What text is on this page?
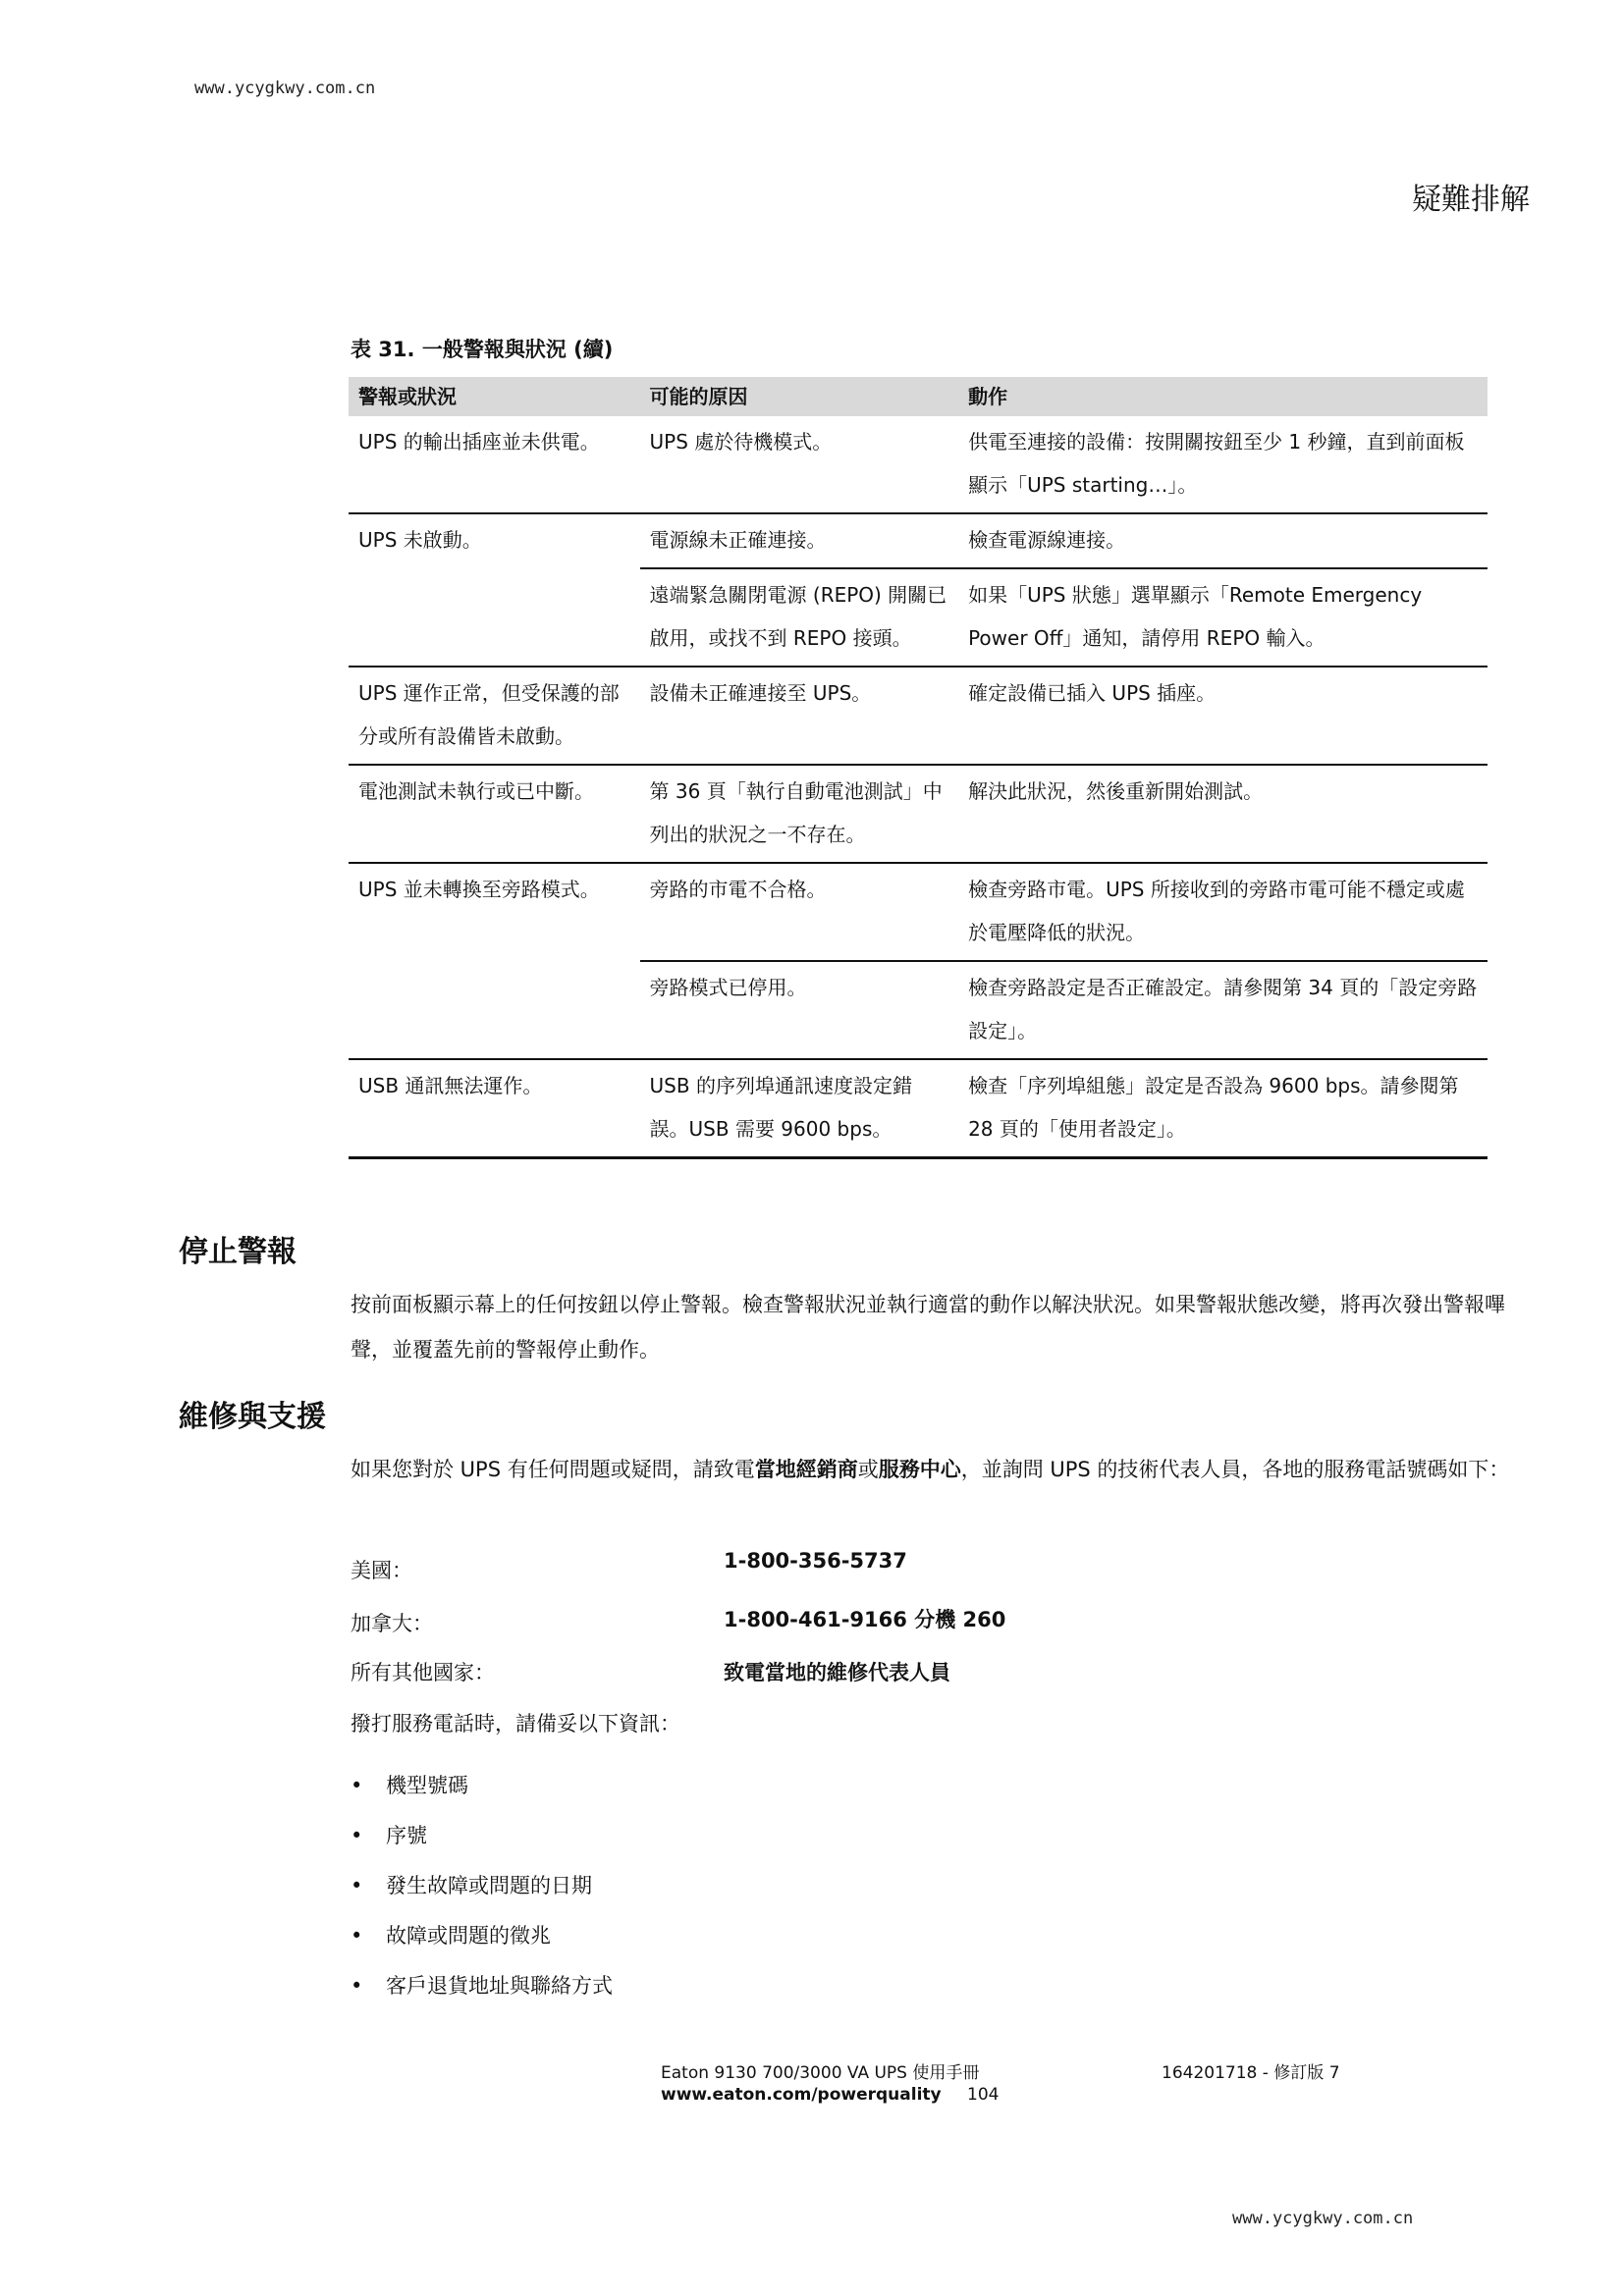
www.ycygkwy.com.cn
疑難排解
表 31. 一般警報與狀況 (續)
警報或狀況	可能的原因	動作
UPS 的輸出插座並未供電。	UPS 處於待機模式。	供電至連接的設備：按開關按鈕至少 1 秒鐘，直到前面板顯示「UPS starting…」。
UPS 未啟動。	電源線未正確連接。	檢查電源線連接。
	遠端緊急關閉電源 (REPO) 開關已啟用，或找不到 REPO 接頭。	如果「UPS 狀態」選單顯示「Remote Emergency Power Off」通知，請停用 REPO 輸入。
UPS 運作正常，但受保護的部分或所有設備皆未啟動。	設備未正確連接至 UPS。	確定設備已插入 UPS 插座。
電池測試未執行或已中斷。	第 36 頁「執行自動電池測試」中列出的狀況之一不存在。	解決此狀況，然後重新開始測試。
UPS 並未轉換至旁路模式。	旁路的市電不合格。	檢查旁路市電。UPS 所接收到的旁路市電可能不穩定或處於電壓降低的狀況。
	旁路模式已停用。	檢查旁路設定是否正確設定。請參閱第 34 頁的「設定旁路設定」。
USB 通訊無法運作。	USB 的序列埠通訊速度設定錯誤。USB 需要 9600 bps。	檢查「序列埠組態」設定是否設為 9600 bps。請參閱第 28 頁的「使用者設定」。
停止警報
按前面板顯示幕上的任何按鈕以停止警報。檢查警報狀況並執行適當的動作以解決狀況。如果警報狀態改變，將再次發出警報嗶聲，並覆蓋先前的警報停止動作。
維修與支援
如果您對於 UPS 有任何問題或疑問，請致電當地經銷商或服務中心，並詢問 UPS 的技術代表人員，各地的服務電話號碼如下：
美國：	1-800-356-5737
加拿大：	1-800-461-9166 分機 260
所有其他國家：	致電當地的維修代表人員
撥打服務電話時，請備妥以下資訊：
• 機型號碼
• 序號
• 發生故障或問題的日期
• 故障或問題的徵兆
• 客戶退貨地址與聯絡方式
Eaton 9130 700/3000 VA UPS 使用手冊	164201718 - 修訂版 7
www.eaton.com/powerquality 104
www.ycygkwy.com.cn
